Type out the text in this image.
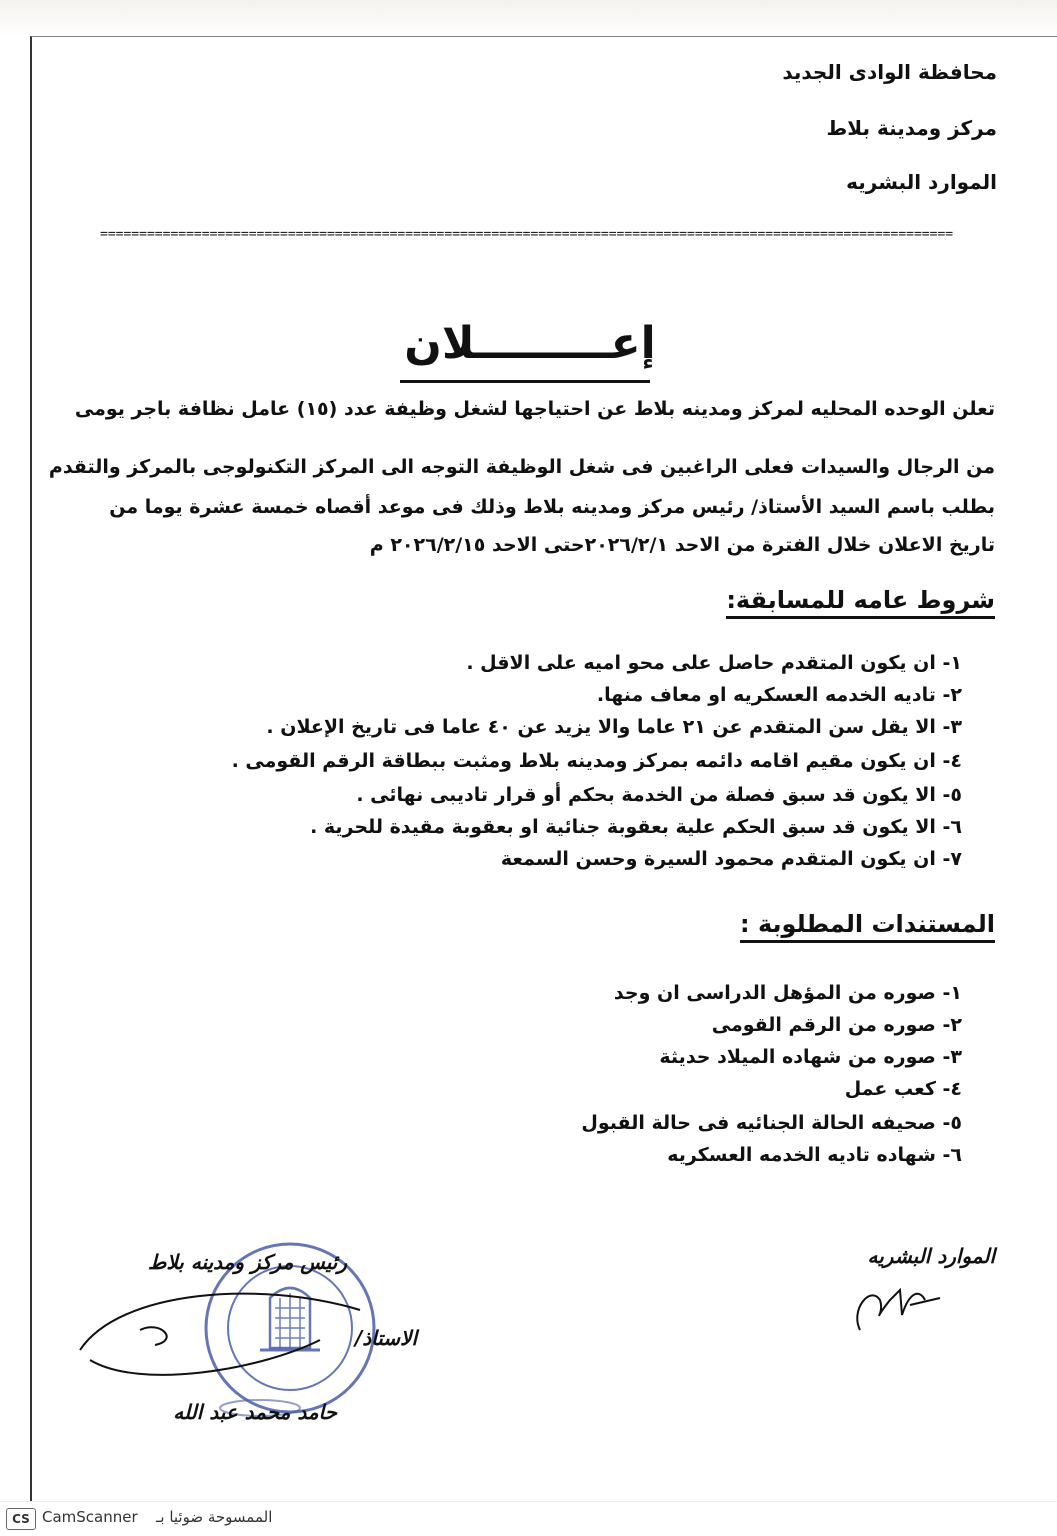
محافظة الوادى الجديد
مركز ومدينة بلاط
الموارد البشريه
=============================================================================================================
إعـــــــــلان
تعلن الوحده المحليه لمركز ومدينه بلاط عن احتياجها لشغل وظيفة عدد (١٥) عامل نظافة باجر يومى
من الرجال والسيدات فعلى الراغبين فى شغل الوظيفة التوجه الى المركز التكنولوجى بالمركز والتقدم
بطلب باسم السيد الأستاذ/ رئيس مركز ومدينه بلاط وذلك فى موعد أقصاه خمسة عشرة يوما من
تاريخ الاعلان خلال الفترة من الاحد ٢٠٢٦/٢/١حتى الاحد ٢٠٢٦/٢/١٥ م
شروط عامه للمسابقة:
١- ان يكون المتقدم حاصل على محو اميه على الاقل .
٢- تاديه الخدمه العسكريه او معاف منها.
٣- الا يقل سن المتقدم عن ٢١ عاما والا يزيد عن ٤٠ عاما فى تاريخ الإعلان .
٤- ان يكون مقيم اقامه دائمه بمركز ومدينه بلاط ومثبت ببطاقة الرقم القومى .
٥- الا يكون قد سبق فصلة من الخدمة بحكم أو قرار تاديبى نهائى .
٦- الا يكون قد سبق الحكم علية بعقوبة جنائية او بعقوبة مقيدة للحرية .
٧- ان يكون المتقدم محمود السيرة وحسن السمعة
المستندات المطلوبة :
١- صوره من المؤهل الدراسى ان وجد
٢- صوره من الرقم القومى
٣- صوره من شهاده الميلاد حديثة
٤- كعب عمل
٥- صحيفه الحالة الجنائيه فى حالة القبول
٦- شهاده تاديه الخدمه العسكريه
الموارد البشريه
رئيس مركز ومدينه بلاط
الاستاذ/
حامد محمد عبد الله
CS CamScanner الممسوحة ضوئيا بـ
